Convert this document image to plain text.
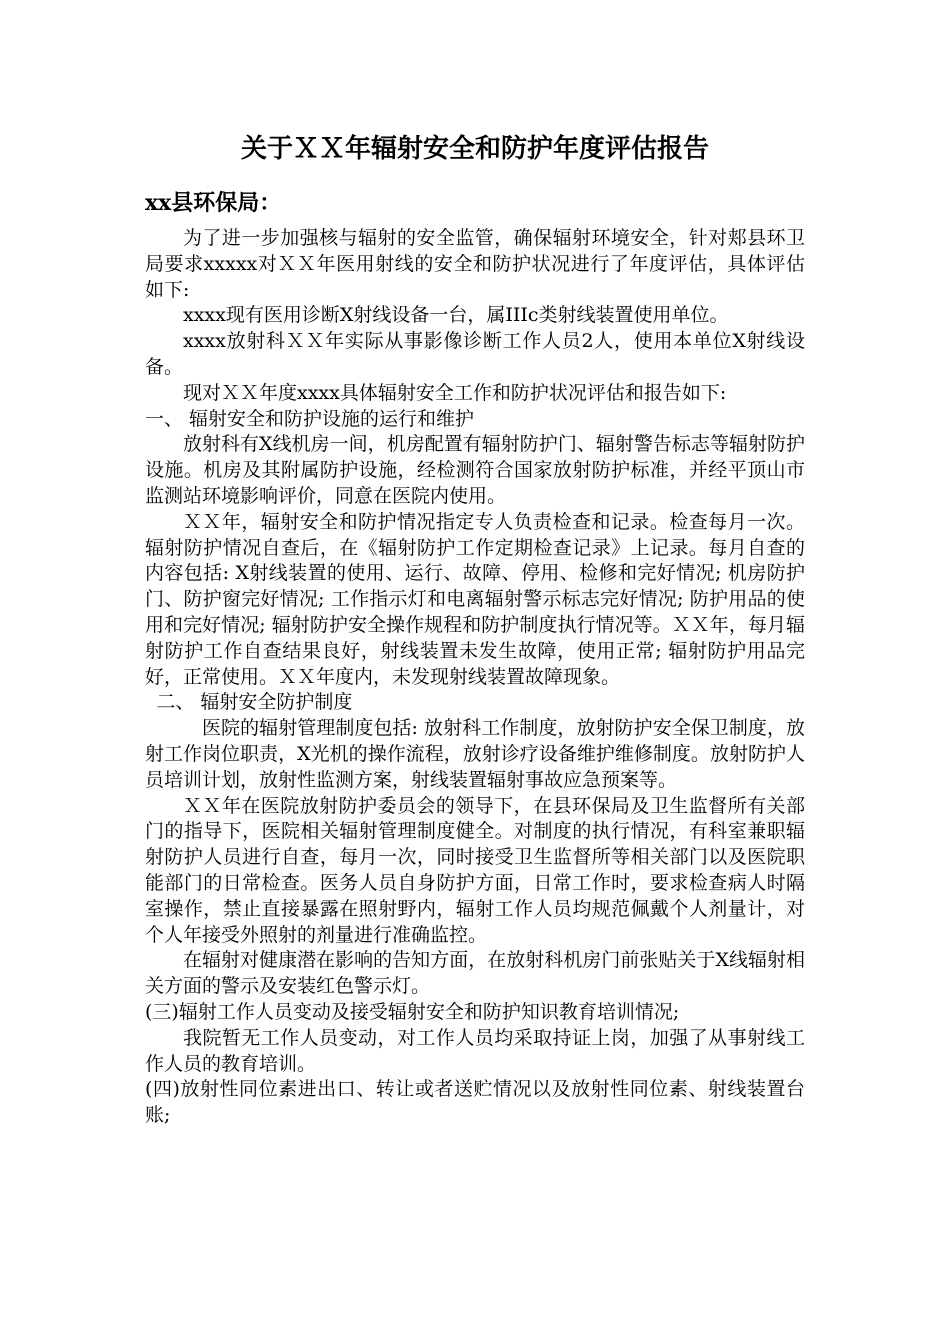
关于ＸＸ年辐射安全和防护年度评估报告
xx县环保局：

为了进一步加强核与辐射的安全监管，确保辐射环境安全，针对郏县环卫局要求xxxxx对ＸＸ年医用射线的安全和防护状况进行了年度评估，具体评估如下:

xxxx现有医用诊断X射线设备一台，属IIIc类射线装置使用单位。

xxxx放射科ＸＸ年实际从事影像诊断工作人员2人，使用本单位X射线设备。

现对ＸＸ年度xxxx具体辐射安全工作和防护状况评估和报告如下:

一、 辐射安全和防护设施的运行和维护

放射科有X线机房一间，机房配置有辐射防护门、辐射警告标志等辐射防护设施。机房及其附属防护设施，经检测符合国家放射防护标准，并经平顶山市监测站环境影响评价，同意在医院内使用。

ＸＸ年，辐射安全和防护情况指定专人负责检查和记录。检查每月一次。辐射防护情况自查后，在《辐射防护工作定期检查记录》上记录。每月自查的内容包括: X射线装置的使用、运行、故障、停用、检修和完好情况; 机房防护门、防护窗完好情况; 工作指示灯和电离辐射警示标志完好情况; 防护用品的使用和完好情况; 辐射防护安全操作规程和防护制度执行情况等。ＸＸ年，每月辐射防护工作自查结果良好，射线装置未发生故障，使用正常; 辐射防护用品完好，正常使用。ＸＸ年度内，未发现射线装置故障现象。

二、 辐射安全防护制度

医院的辐射管理制度包括: 放射科工作制度，放射防护安全保卫制度，放射工作岗位职责，X光机的操作流程，放射诊疗设备维护维修制度。放射防护人员培训计划，放射性监测方案，射线装置辐射事故应急预案等。

ＸＸ年在医院放射防护委员会的领导下，在县环保局及卫生监督所有关部门的指导下，医院相关辐射管理制度健全。对制度的执行情况，有科室兼职辐射防护人员进行自查，每月一次，同时接受卫生监督所等相关部门以及医院职能部门的日常检查。医务人员自身防护方面，日常工作时，要求检查病人时隔室操作，禁止直接暴露在照射野内，辐射工作人员均规范佩戴个人剂量计，对个人年接受外照射的剂量进行准确监控。

在辐射对健康潜在影响的告知方面，在放射科机房门前张贴关于X线辐射相关方面的警示及安装红色警示灯。

(三)辐射工作人员变动及接受辐射安全和防护知识教育培训情况;

我院暂无工作人员变动，对工作人员均采取持证上岗，加强了从事射线工作人员的教育培训。

(四)放射性同位素进出口、转让或者送贮情况以及放射性同位素、射线装置台账;
